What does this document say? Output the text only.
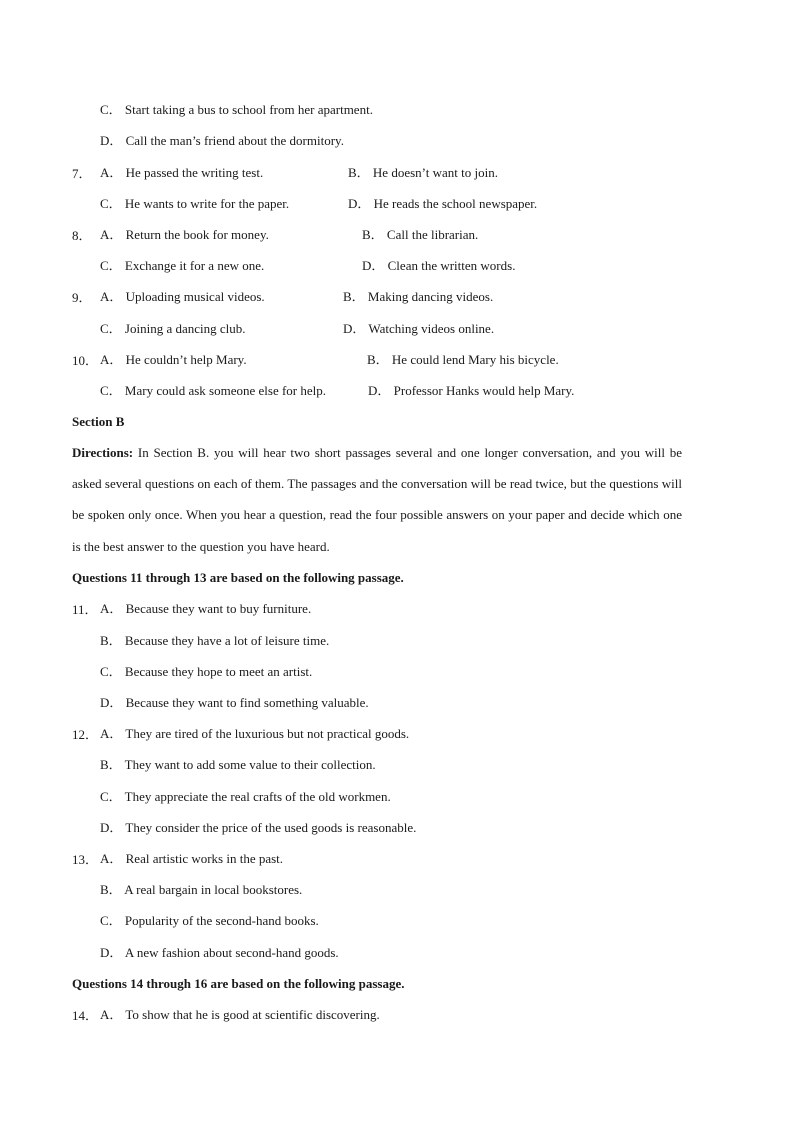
C． Start taking a bus to school from her apartment.
D． Call the man’s friend about the dormitory.
7． A． He passed the writing test.	B． He doesn’t want to join.
C． He wants to write for the paper.	D． He reads the school newspaper.
8． A． Return the book for money.	B． Call the librarian.
C． Exchange it for a new one.	D． Clean the written words.
9． A． Uploading musical videos.	B． Making dancing videos.
C． Joining a dancing club.	D． Watching videos online.
10． A． He couldn’t help Mary.	B． He could lend Mary his bicycle.
C． Mary could ask someone else for help.	D． Professor Hanks would help Mary.
Section B
Directions: In Section B. you will hear two short passages several and one longer conversation, and you will be asked several questions on each of them. The passages and the conversation will be read twice, but the questions will be spoken only once. When you hear a question, read the four possible answers on your paper and decide which one is the best answer to the question you have heard.
Questions 11 through 13 are based on the following passage.
11． A． Because they want to buy furniture.
B． Because they have a lot of leisure time.
C． Because they hope to meet an artist.
D． Because they want to find something valuable.
12． A． They are tired of the luxurious but not practical goods.
B． They want to add some value to their collection.
C． They appreciate the real crafts of the old workmen.
D． They consider the price of the used goods is reasonable.
13． A． Real artistic works in the past.
B． A real bargain in local bookstores.
C． Popularity of the second-hand books.
D． A new fashion about second-hand goods.
Questions 14 through 16 are based on the following passage.
14． A． To show that he is good at scientific discovering.
